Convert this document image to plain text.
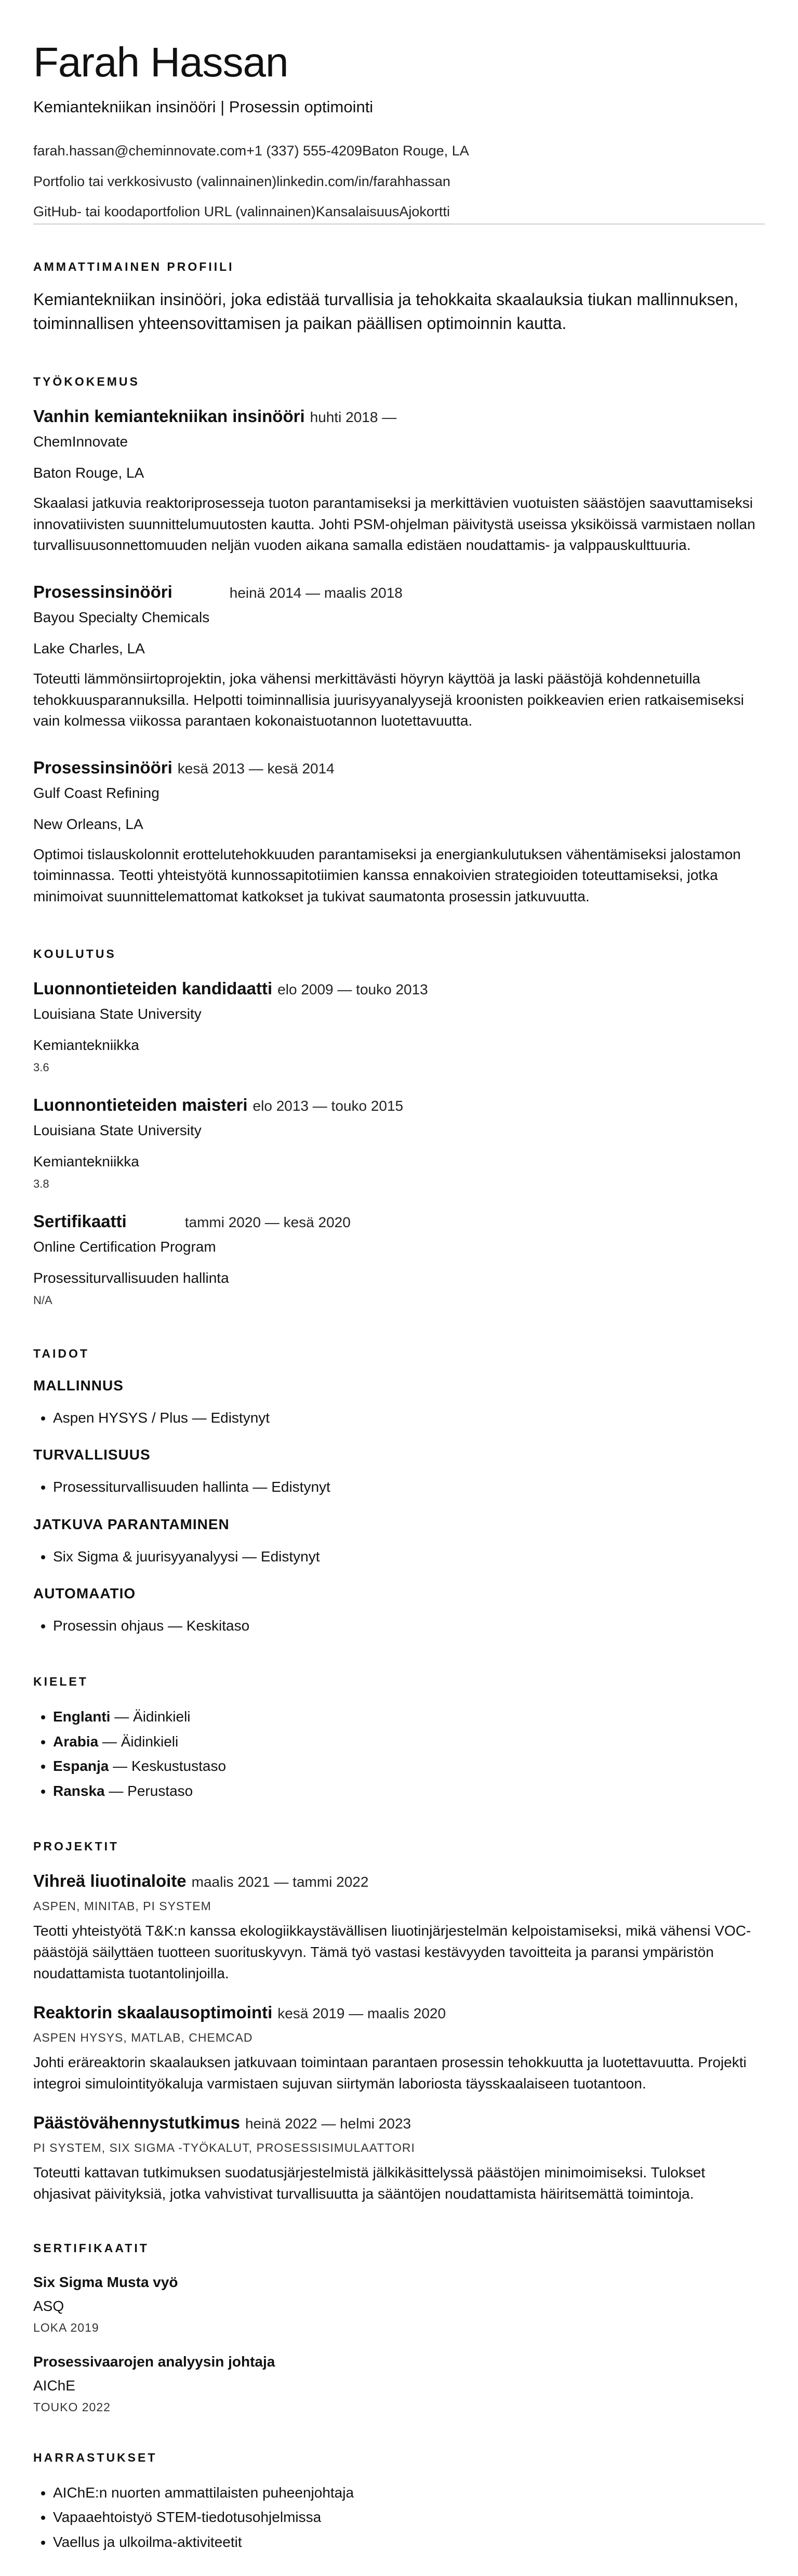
Farah Hassan
Kemiantekniikan insinööri | Prosessin optimointi
farah.hassan@cheminnovate.com+1 (337) 555-4209Baton Rouge, LA
Portfolio tai verkkosivusto (valinnainen)linkedin.com/in/farahhassan
GitHub- tai koodaportfolion URL (valinnainen)KansalaisuusAjokortti
AMMATTIMAINEN PROFIILI
Kemiantekniikan insinööri, joka edistää turvallisia ja tehokkaita skaalauksia tiukan mallinnuksen, toiminnallisen yhteensovittamisen ja paikan päällisen optimoinnin kautta.
TYÖKOKEMUS
Vanhin kemiantekniikan insinööri huhti 2018 —
ChemInnovate
Baton Rouge, LA
Skaalasi jatkuvia reaktoriprosesseja tuoton parantamiseksi ja merkittävien vuotuisten säästöjen saavuttamiseksi innovatiivisten suunnittelumuutosten kautta. Johti PSM-ohjelman päivitystä useissa yksiköissä varmistaen nollan turvallisuusonnettomuuden neljän vuoden aikana samalla edistäen noudattamis- ja valppauskulttuuria.
Prosessinsinööri	heinä 2014 — maalis 2018
Bayou Specialty Chemicals
Lake Charles, LA
Toteutti lämmönsiirtoprojektin, joka vähensi merkittävästi höyryn käyttöä ja laski päästöjä kohdennetuilla tehokkuusparannuksilla. Helpotti toiminnallisia juurisyyanalyysejä kroonisten poikkeavien erien ratkaisemiseksi vain kolmessa viikossa parantaen kokonaistuotannon luotettavuutta.
Prosessinsinööri kesä 2013 — kesä 2014
Gulf Coast Refining
New Orleans, LA
Optimoi tislauskolonnit erottelutehokkuuden parantamiseksi ja energiankulutuksen vähentämiseksi jalostamon toiminnassa. Teotti yhteistyötä kunnossapitotiimien kanssa ennakoivien strategioiden toteuttamiseksi, jotka minimoivat suunnittelemattomat katkokset ja tukivat saumatonta prosessin jatkuvuutta.
KOULUTUS
Luonnontieteiden kandidaatti elo 2009 — touko 2013
Louisiana State University
Kemiantekniikka
3.6
Luonnontieteiden maisteri elo 2013 — touko 2015
Louisiana State University
Kemiantekniikka
3.8
Sertifikaatti	tammi 2020 — kesä 2020
Online Certification Program
Prosessiturvallisuuden hallinta
N/A
TAIDOT
MALLINNUS
• Aspen HYSYS / Plus — Edistynyt
TURVALLISUUS
• Prosessiturvallisuuden hallinta — Edistynyt
JATKUVA PARANTAMINEN
• Six Sigma & juurisyyanalyysi — Edistynyt
AUTOMAATIO
• Prosessin ohjaus — Keskitaso
KIELET
• Englanti — Äidinkieli
• Arabia — Äidinkieli
• Espanja — Keskustustaso
• Ranska — Perustaso
PROJEKTIT
Vihreä liuotinaloite maalis 2021 — tammi 2022
ASPEN, MINITAB, PI SYSTEM
Teotti yhteistyötä T&K:n kanssa ekologiikkaystävällisen liuotinjärjestelmän kelpoistamiseksi, mikä vähensi VOC-päästöjä säilyttäen tuotteen suorituskyvyn. Tämä työ vastasi kestävyyden tavoitteita ja paransi ympäristön noudattamista tuotantolinjoilla.
Reaktorin skaalausoptimointi kesä 2019 — maalis 2020
ASPEN HYSYS, MATLAB, CHEMCAD
Johti eräreaktorin skaalauksen jatkuvaan toimintaan parantaen prosessin tehokkuutta ja luotettavuutta. Projekti integroi simulointityökaluja varmistaen sujuvan siirtymän laboriosta täysskaalaiseen tuotantoon.
Päästövähennystutkimus heinä 2022 — helmi 2023
PI SYSTEM, SIX SIGMA -TYÖKALUT, PROSESSISIMULAATTORI
Toteutti kattavan tutkimuksen suodatusjärjestelmistä jälkikäsittelyssä päästöjen minimoimiseksi. Tulokset ohjasivat päivityksiä, jotka vahvistivat turvallisuutta ja sääntöjen noudattamista häiritsemättä toimintoja.
SERTIFIKAATIT
Six Sigma Musta vyö
ASQ
LOKA 2019
Prosessivaarojen analyysin johtaja
AIChE
TOUKO 2022
HARRASTUKSET
• AIChE:n nuorten ammattilaisten puheenjohtaja
• Vapaaehtoistyö STEM-tiedotusohjelmissa
• Vaellus ja ulkoilma-aktiviteetit
